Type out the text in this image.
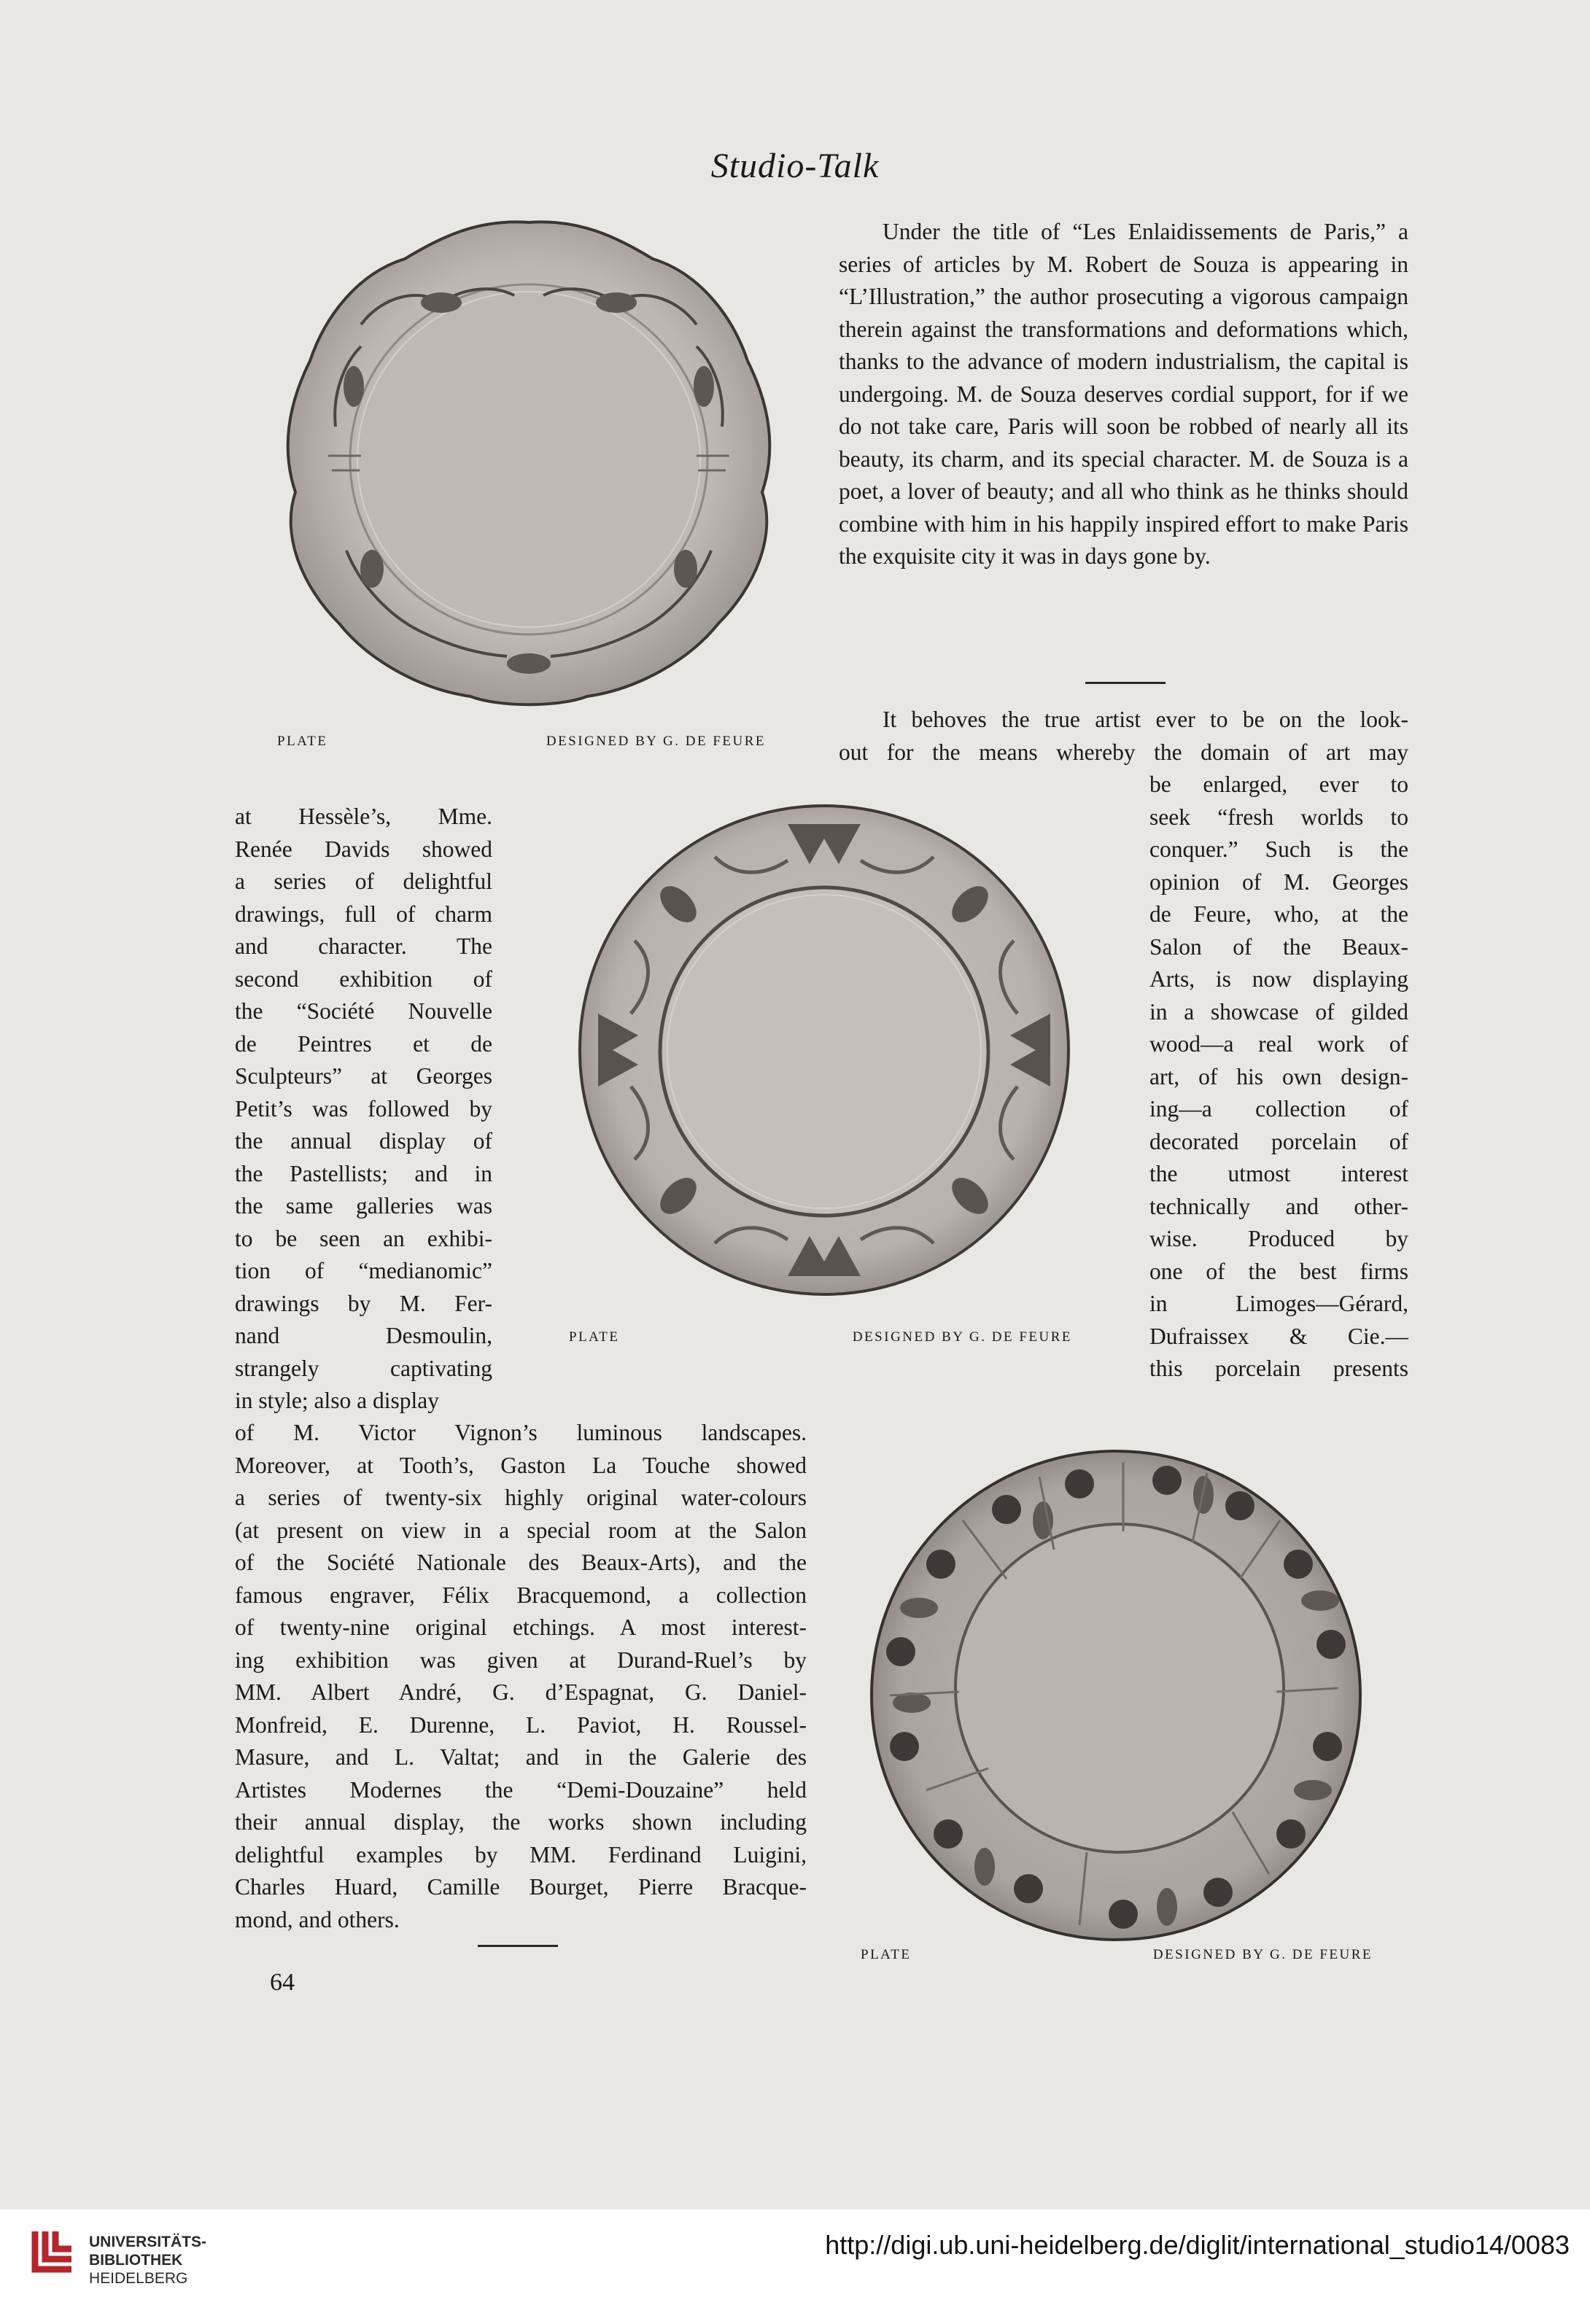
Studio-Talk
PLATE	DESIGNED BY G. DE FEURE

Under the title of “Les Enlaidissements de Paris,” a series of articles by M. Robert de Souza is appearing in “L’Illustration,” the author prosecuting a vigorous campaign therein against the transformations and deformations which, thanks to the advance of modern industrialism, the capital is undergoing. M. de Souza deserves cordial support, for if we do not take care, Paris will soon be robbed of nearly all its beauty, its charm, and its special character. M. de Souza is a poet, a lover of beauty; and all who think as he thinks should combine with him in his happily inspired effort to make Paris the exquisite city it was in days gone by.

It behoves the true artist ever to be on the look-
out for the means whereby the domain of art may
be enlarged, ever to
seek “fresh worlds to
conquer.” Such is the
opinion of M. Georges
de Feure, who, at the
Salon of the Beaux-
Arts, is now displaying
in a showcase of gilded
wood—a real work of
art, of his own design-
ing—a collection of
decorated porcelain of
the utmost interest
technically and other-
wise. Produced by
one of the best firms
in Limoges—Gérard,
Dufraissex & Cie.—
this porcelain presents
at Hessèle’s, Mme.
Renée Davids showed
a series of delightful
drawings, full of charm
and character. The
second exhibition of
the “Société Nouvelle
de Peintres et de
Sculpteurs” at Georges
Petit’s was followed by
the annual display of
the Pastellists; and in
the same galleries was
to be seen an exhibi-
tion of “medianomic”
drawings by M. Fer-
nand Desmoulin,
strangely captivating
in style; also a display
PLATE	DESIGNED BY G. DE FEURE
of M. Victor Vignon’s luminous landscapes.
Moreover, at Tooth’s, Gaston La Touche showed
a series of twenty-six highly original water-colours
(at present on view in a special room at the Salon
of the Société Nationale des Beaux-Arts), and the
famous engraver, Félix Bracquemond, a collection
of twenty-nine original etchings. A most interest-
ing exhibition was given at Durand-Ruel’s by
MM. Albert André, G. d’Espagnat, G. Daniel-
Monfreid, E. Durenne, L. Paviot, H. Roussel-
Masure, and L. Valtat; and in the Galerie des
Artistes Modernes the “Demi-Douzaine” held
their annual display, the works shown including
delightful examples by MM. Ferdinand Luigini,
Charles Huard, Camille Bourget, Pierre Bracque-
mond, and others.
PLATE	DESIGNED BY G. DE FEURE
64
UNIVERSITÄTS-
BIBLIOTHEK
HEIDELBERG
http://digi.ub.uni-heidelberg.de/diglit/international_studio14/0083
